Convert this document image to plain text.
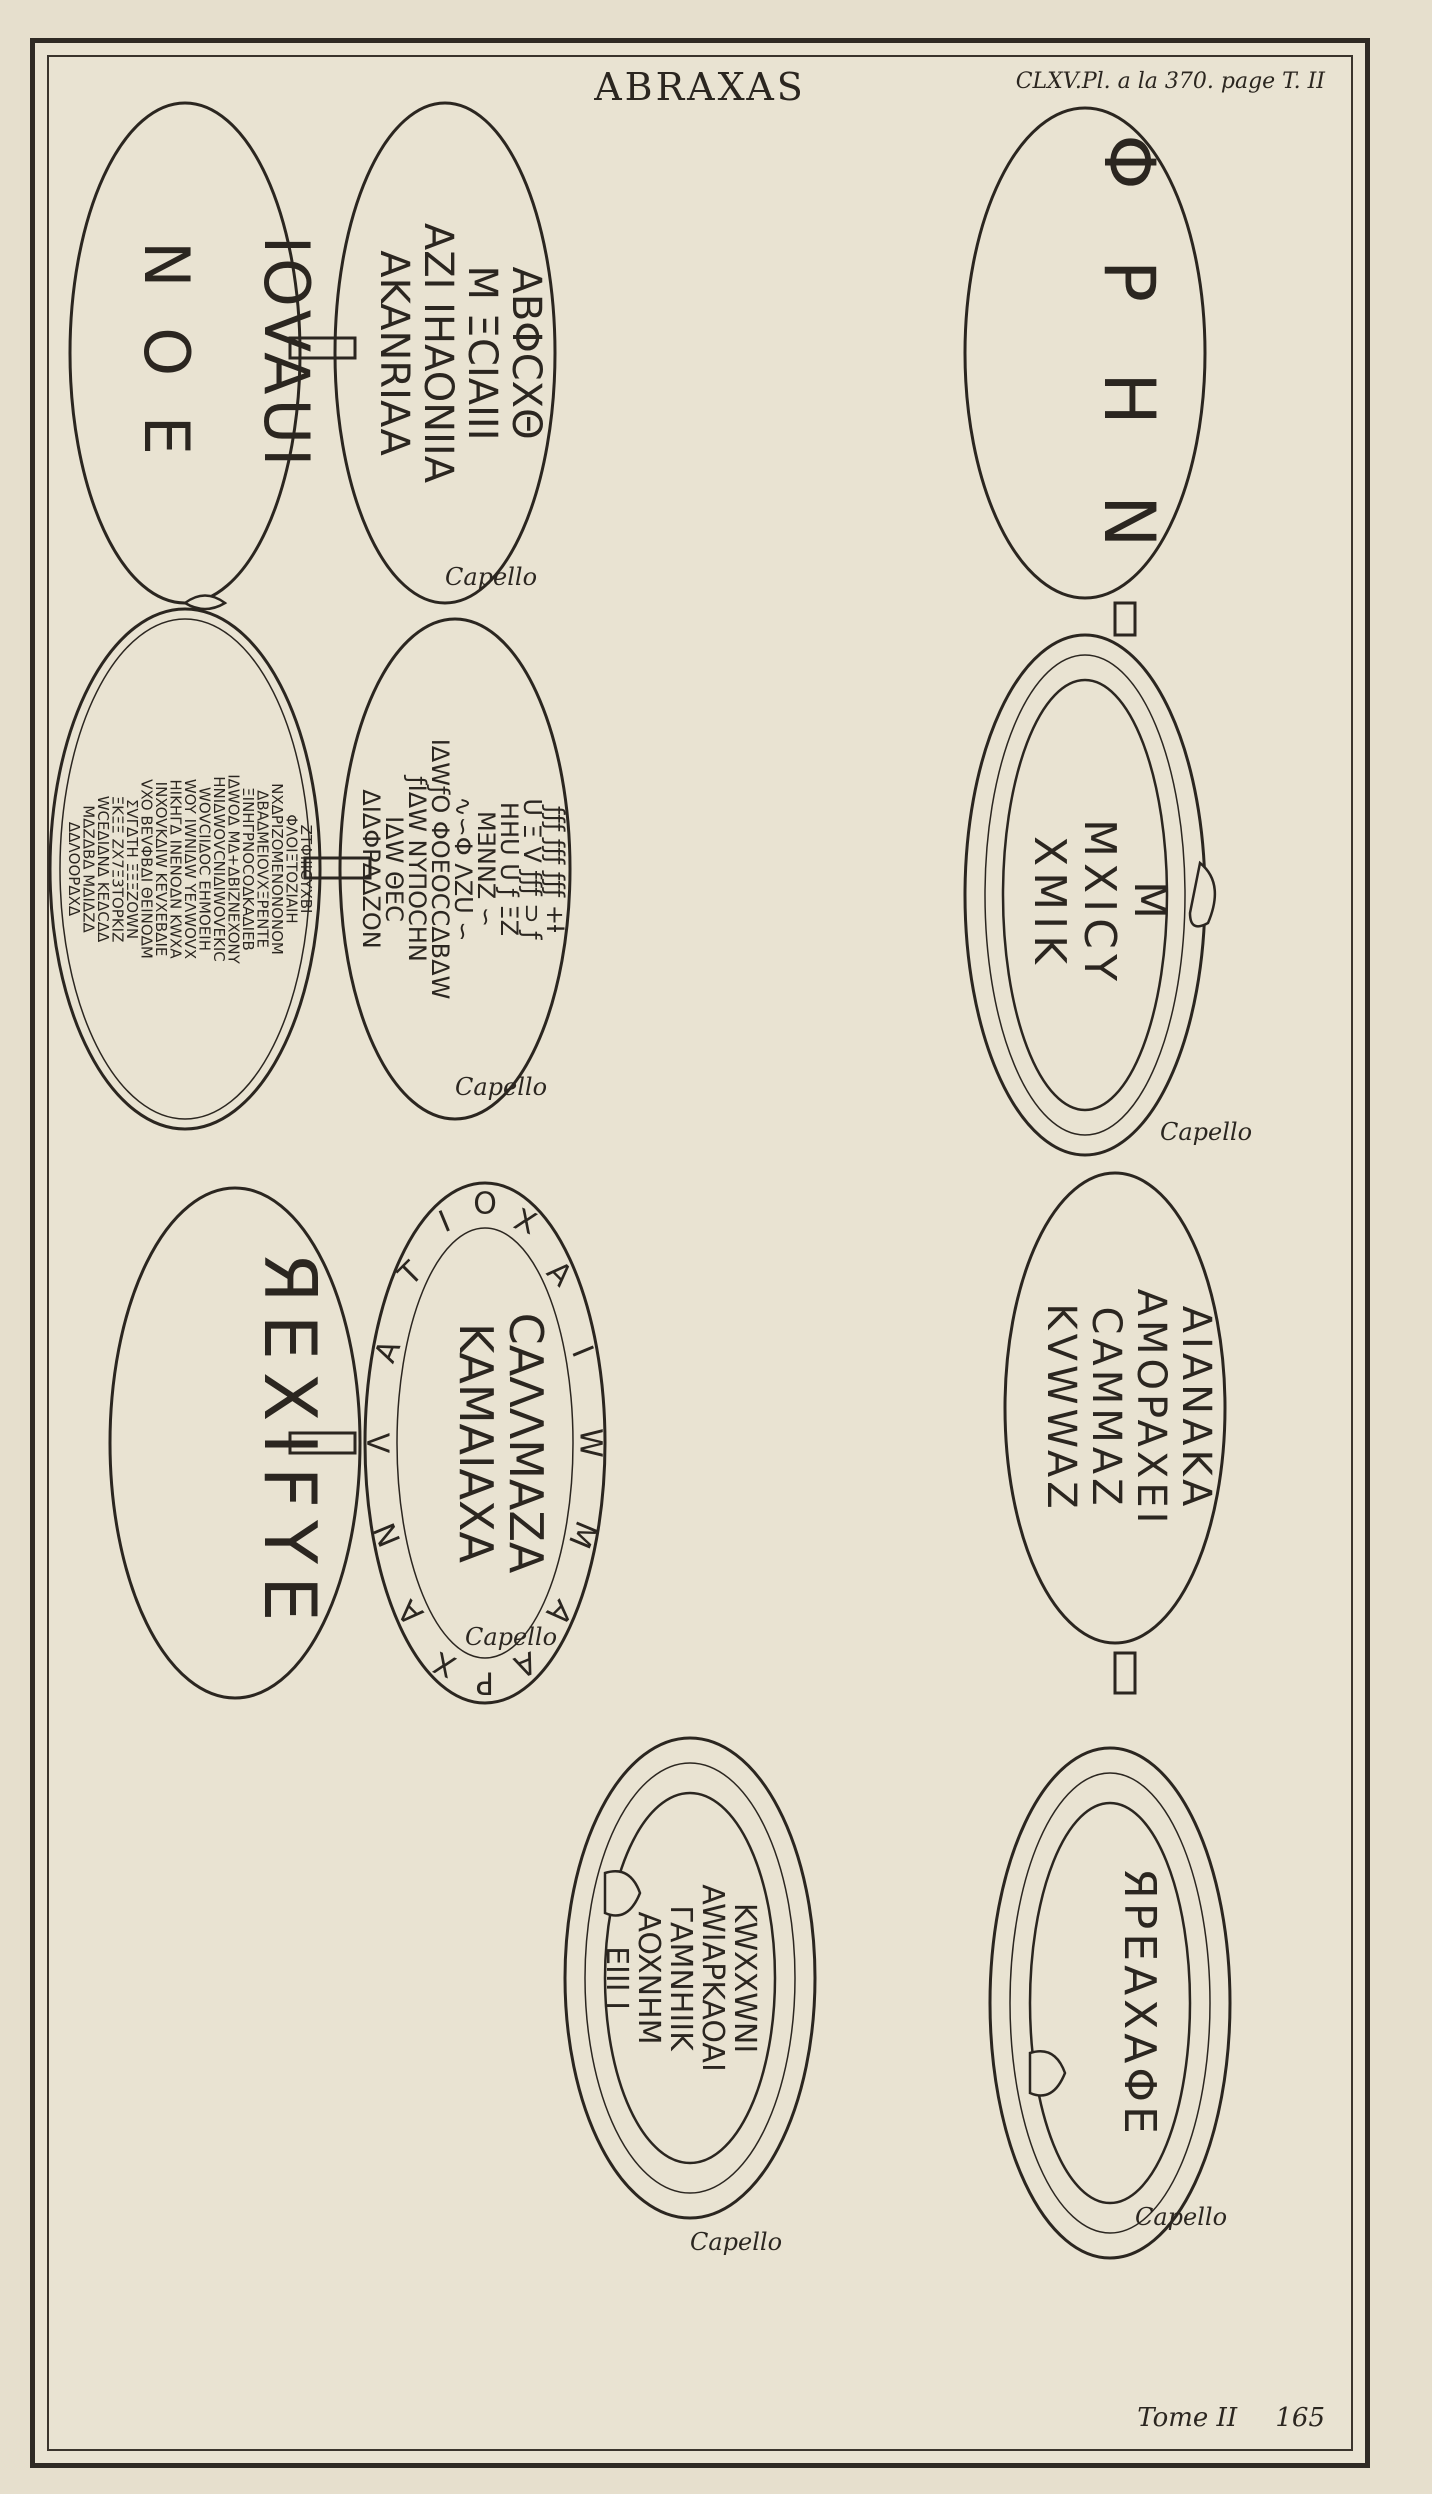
ABRAXAS	CLXV.Pl. a la 370. page T. II
IOVAUI
N O E	ABΦCXΘ
M ΞCIAIII
AZI IHAONIIA
AKANRIAA	Φ P H N
ZTΦIIICYXBI
ΦΛOIΞTOZIAIH
NXΔPIZOMENONONOM
ΔBAΔMEIOVXΞPENTE
ΞINHΓPNOCOΔKAΔIEB
IΔWOΔ MΔ+ΔBIZNEXONY
HNIΔWOVCNIΔIWOVEKIC
WOVCIIΔOC EHMOEIH
WOY IWNIΔW YEΛWOVX
HIKHΓΔ INENOΔN KWXA
INXOVKΔIW KEVXEBΔIE
VXO BEVΦBΔI ΘEINOΔM
ΣVΓΔTH ΞΞΞZOWN
ΞKΞΞ ZX7Ξ3TOPKIZ
WCEΔIΔNΔ KEΔCΔΔ
MΔZΔBΔ MΔIΔZΔ
ΔΔΛOOPΔXΔ	ƒƒƒ ƒƒƒ ƒƒƒ +Ɨ
ᑌ Ξ V ƒƒƒ ⊃ ƒ
HHᑌ ᑌ ƒ ΞZ
MƎNNZ ∽
∿∽Φ ΛZᑌ ∽
IΔWƒO ΦOEOCCΔBΔW
ƒIΔW NΥΠOCHN
IΔW ΘEC
ΔIΔΦΡΔΔZON	M
MXICY
XMIK
ЯEXIFYE	CAΛΛMAZA
KAMAIAXA
Λ
A
T
I
O X
A
I
W
M
A
A
P
X
A
N
AIANAKA
AMOPAXEI
CAMMAZ
KVWWAZ
KWXXWNI
AWIAPKAOAI
ΓAMNHIIK
AOXNHM
EIII I	ЯPEAXAΦE
Capello
Capello
Capello
Capello
Capello
Capello
Tome II 165
